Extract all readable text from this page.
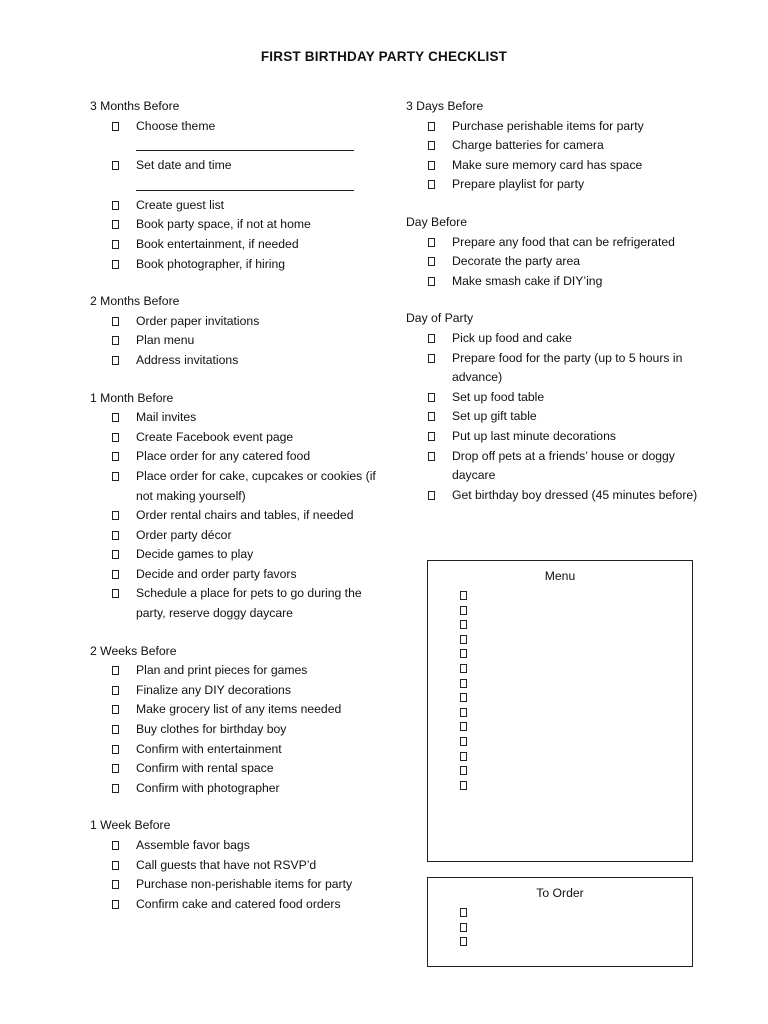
FIRST BIRTHDAY PARTY CHECKLIST
3 Months Before
Choose theme
Set date and time
Create guest list
Book party space, if not at home
Book entertainment, if needed
Book photographer, if hiring
2 Months Before
Order paper invitations
Plan menu
Address invitations
1 Month Before
Mail invites
Create Facebook event page
Place order for any catered food
Place order for cake, cupcakes or cookies (if not making yourself)
Order rental chairs and tables, if needed
Order party décor
Decide games to play
Decide and order party favors
Schedule a place for pets to go during the party, reserve doggy daycare
2 Weeks Before
Plan and print pieces for games
Finalize any DIY decorations
Make grocery list of any items needed
Buy clothes for birthday boy
Confirm with entertainment
Confirm with rental space
Confirm with photographer
1 Week Before
Assemble favor bags
Call guests that have not RSVP’d
Purchase non-perishable items for party
Confirm cake and catered food orders
3 Days Before
Purchase perishable items for party
Charge batteries for camera
Make sure memory card has space
Prepare playlist for party
Day Before
Prepare any food that can be refrigerated
Decorate the party area
Make smash cake if DIY’ing
Day of Party
Pick up food and cake
Prepare food for the party (up to 5 hours in advance)
Set up food table
Set up gift table
Put up last minute decorations
Drop off pets at a friends’ house or doggy daycare
Get birthday boy dressed (45 minutes before)
Menu
To Order
